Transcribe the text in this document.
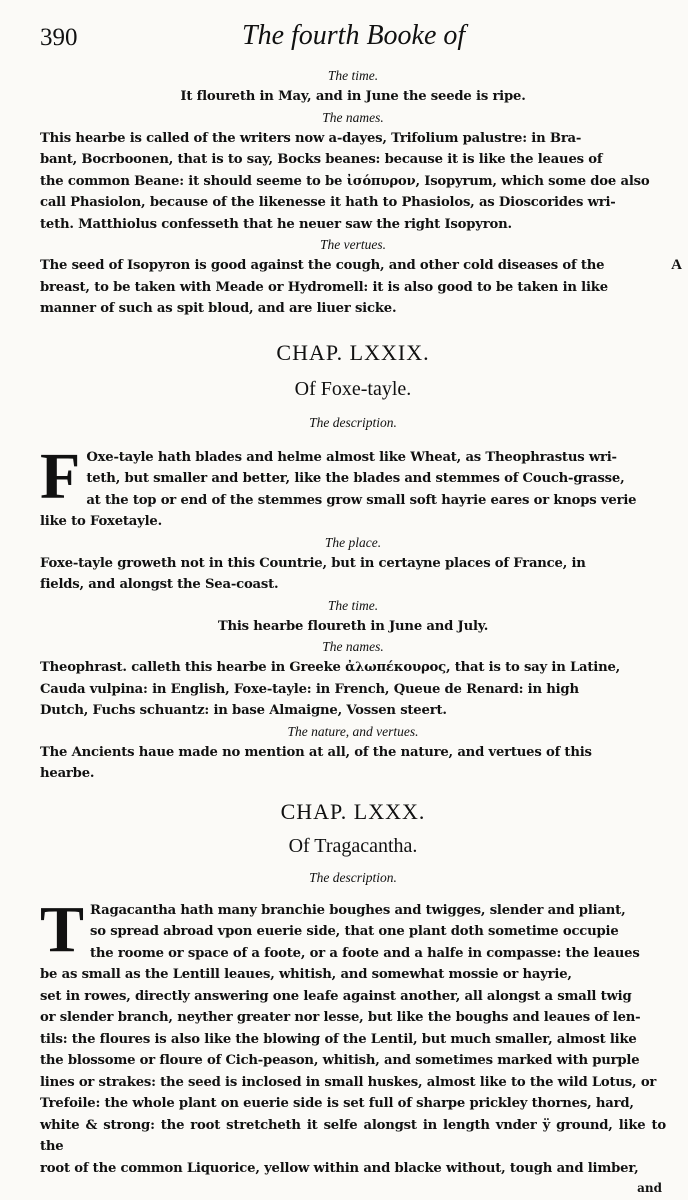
390	The fourth Booke of

The time.

It floureth in May, and in June the seede is ripe.

The names.

This hearbe is called of the writers now a-dayes, Trifolium palustre: in Bra-
bant, Bocrboonen, that is to say, Bocks beanes: because it is like the leaues of
the common Beane: it should seeme to be ἰσόπυρον, Isopyrum, which some doe also
call Phasiolon, because of the likenesse it hath to Phasiolos, as Dioscorides wri-
teth. Matthiolus confesseth that he neuer saw the right Isopyron.

The vertues.

A
The seed of Isopyron is good against the cough, and other cold diseases of the
breast, to be taken with Meade or Hydromell: it is also good to be taken in like
manner of such as spit bloud, and are liuer sicke.

CHAP. LXXIX.

Of Foxe-tayle.

The description.

F Oxe-tayle hath blades and helme almost like Wheat, as Theophrastus wri-
teth, but smaller and better, like the blades and stemmes of Couch-grasse,
at the top or end of the stemmes grow small soft hayrie eares or knops verie
like to Foxetayle.

The place.

Foxe-tayle groweth not in this Countrie, but in certayne places of France, in
fields, and alongst the Sea-coast.

The time.

This hearbe floureth in June and July.

The names.

Theophrast. calleth this hearbe in Greeke ἀλωπέκουρος, that is to say in Latine,
Cauda vulpina: in English, Foxe-tayle: in French, Queue de Renard: in high
Dutch, Fuchs schuantz: in base Almaigne, Vossen steert.

The nature, and vertues.

The Ancients haue made no mention at all, of the nature, and vertues of this
hearbe.

CHAP. LXXX.

Of Tragacantha.

The description.

T Ragacantha hath many branchie boughes and twigges, slender and pliant,
so spread abroad vpon euerie side, that one plant doth sometime occupie
the roome or space of a foote, or a foote and a halfe in compasse: the leaues
be as small as the Lentill leaues, whitish, and somewhat mossie or hayrie,
set in rowes, directly answering one leafe against another, all alongst a small twig
or slender branch, neyther greater nor lesse, but like the boughs and leaues of len-
tils: the floures is also like the blowing of the Lentil, but much smaller, almost like
the blossome or floure of Cich-peason, whitish, and sometimes marked with purple
lines or strakes: the seed is inclosed in small huskes, almost like to the wild Lotus, or
Trefoile: the whole plant on euerie side is set full of sharpe prickley thornes, hard,
white & strong: the root stretcheth it selfe alongst in length vnder ÿ ground, like to the
root of the common Liquorice, yellow within and blacke without, tough and limber,
and
